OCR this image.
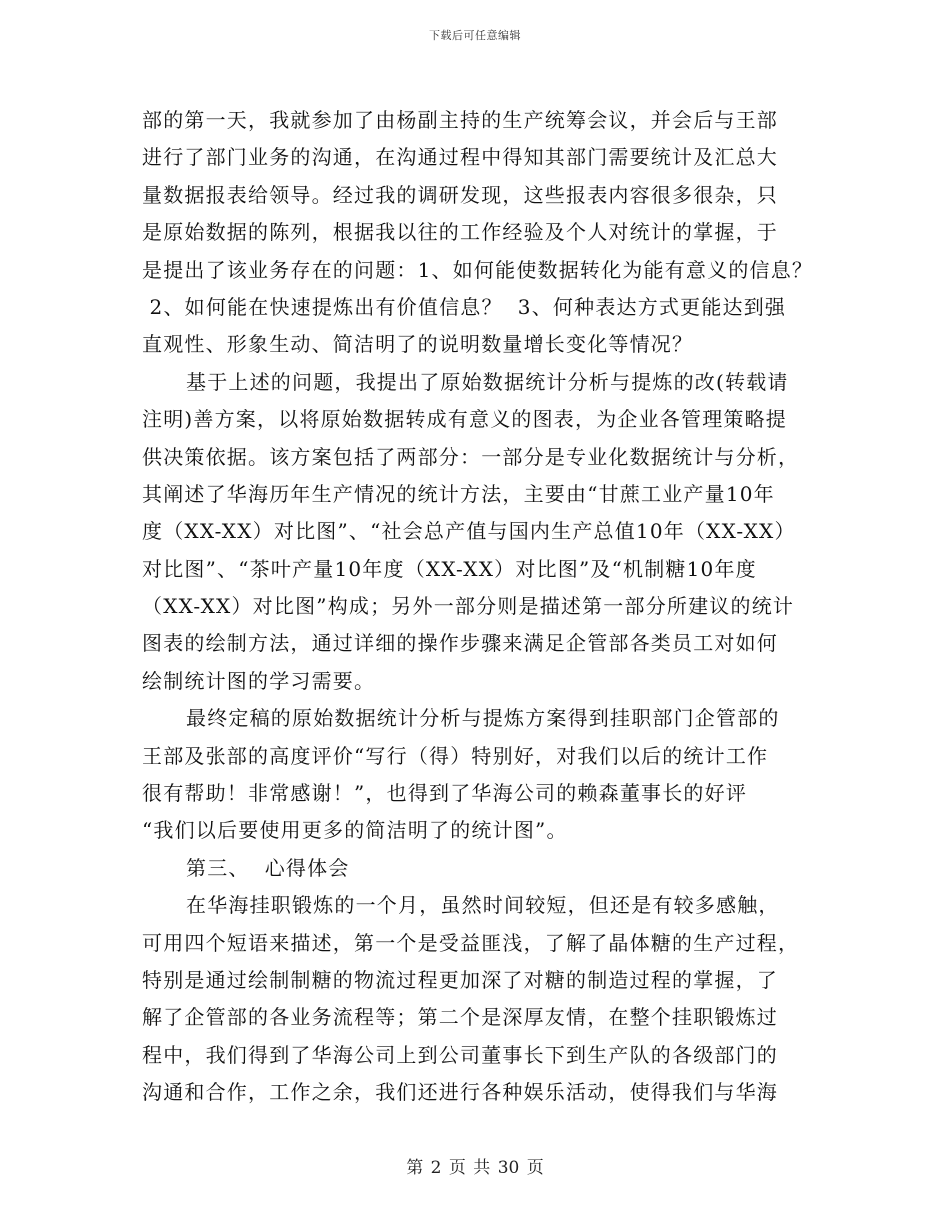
下载后可任意编辑
部的第一天，我就参加了由杨副主持的生产统筹会议，并会后与王部
进行了部门业务的沟通，在沟通过程中得知其部门需要统计及汇总大
量数据报表给领导。经过我的调研发现，这些报表内容很多很杂，只
是原始数据的陈列，根据我以往的工作经验及个人对统计的掌握，于
是提出了该业务存在的问题：1、如何能使数据转化为能有意义的信息？
2、如何能在快速提炼出有价值信息？  3、何种表达方式更能达到强
直观性、形象生动、简洁明了的说明数量增长变化等情况？
基于上述的问题，我提出了原始数据统计分析与提炼的改(转载请
注明)善方案，以将原始数据转成有意义的图表，为企业各管理策略提
供决策依据。该方案包括了两部分：一部分是专业化数据统计与分析，
其阐述了华海历年生产情况的统计方法，主要由“甘蔗工业产量10年
度（XX-XX）对比图”、“社会总产值与国内生产总值10年（XX-XX）
对比图”、“茶叶产量10年度（XX-XX）对比图”及“机制糖10年度
（XX-XX）对比图”构成；另外一部分则是描述第一部分所建议的统计
图表的绘制方法，通过详细的操作步骤来满足企管部各类员工对如何
绘制统计图的学习需要。
最终定稿的原始数据统计分析与提炼方案得到挂职部门企管部的
王部及张部的高度评价“写行（得）特别好，对我们以后的统计工作
很有帮助！非常感谢！”，也得到了华海公司的赖森董事长的好评
“我们以后要使用更多的简洁明了的统计图”。
第三、  心得体会
在华海挂职锻炼的一个月，虽然时间较短，但还是有较多感触，
可用四个短语来描述，第一个是受益匪浅，了解了晶体糖的生产过程，
特别是通过绘制制糖的物流过程更加深了对糖的制造过程的掌握，了
解了企管部的各业务流程等；第二个是深厚友情，在整个挂职锻炼过
程中，我们得到了华海公司上到公司董事长下到生产队的各级部门的
沟通和合作，工作之余，我们还进行各种娱乐活动，使得我们与华海
第 2 页 共 30 页
